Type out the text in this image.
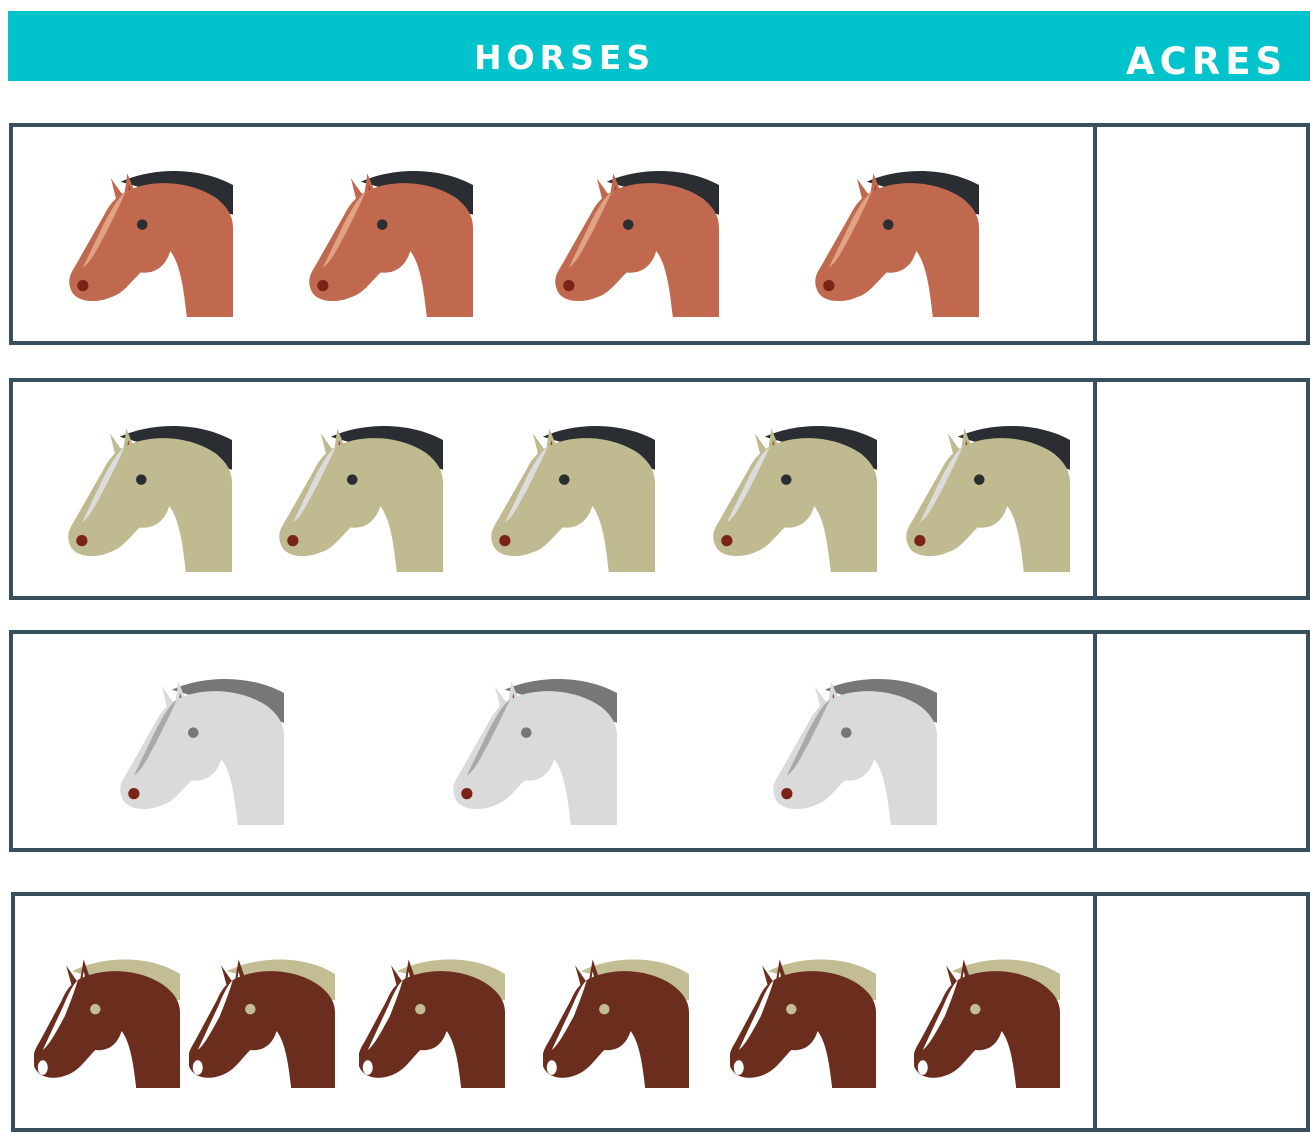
HORSES	ACRES
